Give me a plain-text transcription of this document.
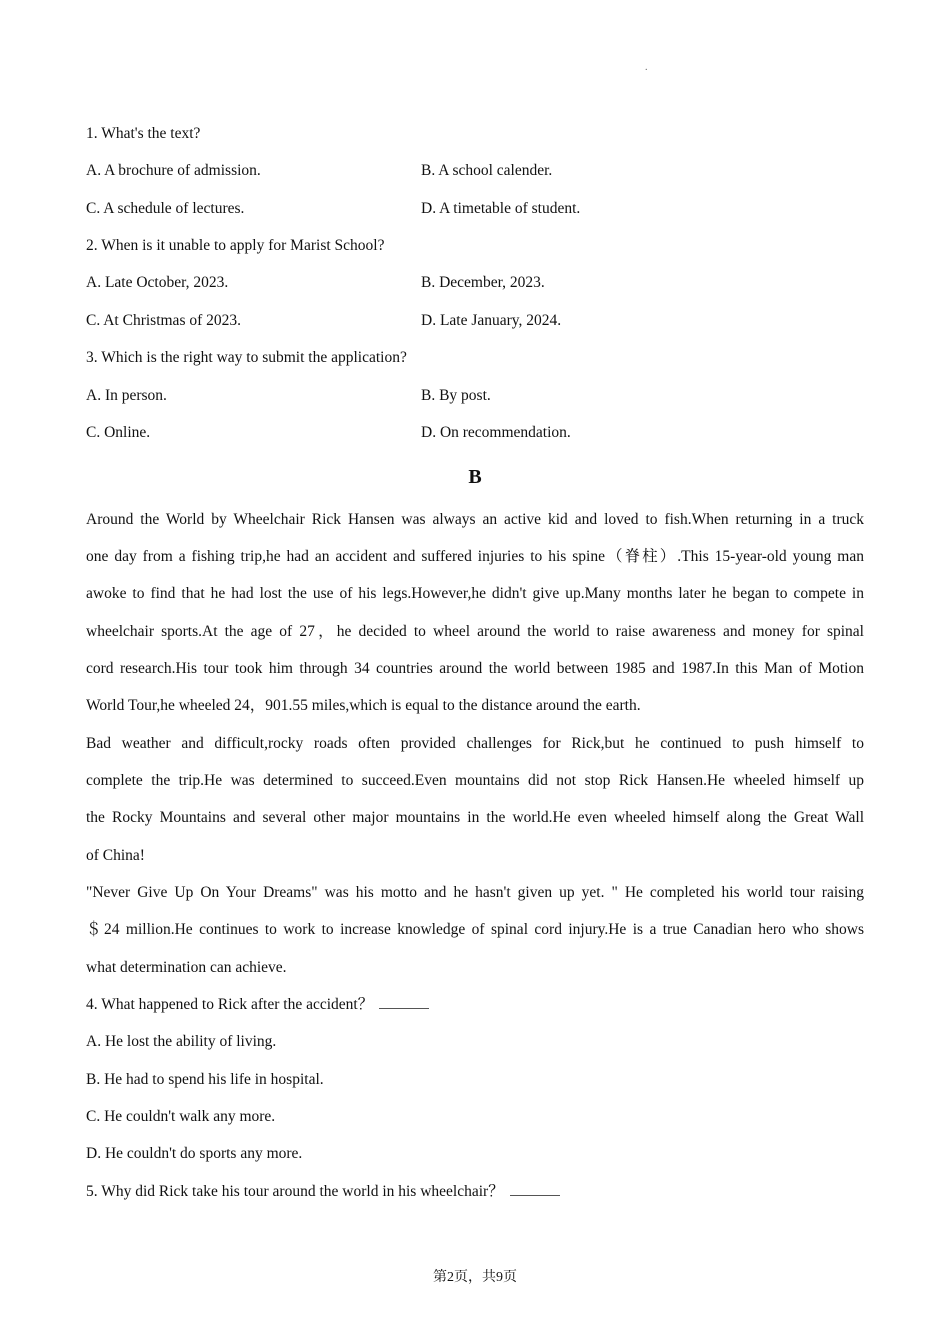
.
1. What's the text?
A. A brochure of admission.	B. A school calender.
C. A schedule of lectures.	D. A timetable of student.
2. When is it unable to apply for Marist School?
A. Late October, 2023.	B. December, 2023.
C. At Christmas of 2023.	D. Late January, 2024.
3. Which is the right way to submit the application?
A. In person.	B. By post.
C. Online.	D. On recommendation.
B
Around the World by Wheelchair Rick Hansen was always an active kid and loved to fish.When returning in a truck
one day from a fishing trip,he had an accident and suffered injuries to his spine（脊柱）.This 15-year-old young man
awoke to find that he had lost the use of his legs.However,he didn't give up.Many months later he began to compete in
wheelchair sports.At the age of 27，he decided to wheel around the world to raise awareness and money for spinal
cord research.His tour took him through 34 countries around the world between 1985 and 1987.In this Man of Motion
World Tour,he wheeled 24，901.55 miles,which is equal to the distance around the earth.
Bad weather and difficult,rocky roads often provided challenges for Rick,but he continued to push himself to
complete the trip.He was determined to succeed.Even mountains did not stop Rick Hansen.He wheeled himself up
the Rocky Mountains and several other major mountains in the world.He even wheeled himself along the Great Wall
of China!
"Never Give Up On Your Dreams" was his motto and he hasn't given up yet. " He completed his world tour raising
＄24 million.He continues to work to increase knowledge of spinal cord injury.He is a true Canadian hero who shows
what determination can achieve.
4. What happened to Rick after the accident？
A. He lost the ability of living.
B. He had to spend his life in hospital.
C. He couldn't walk any more.
D. He couldn't do sports any more.
5. Why did Rick take his tour around the world in his wheelchair？
第2页，共9页
